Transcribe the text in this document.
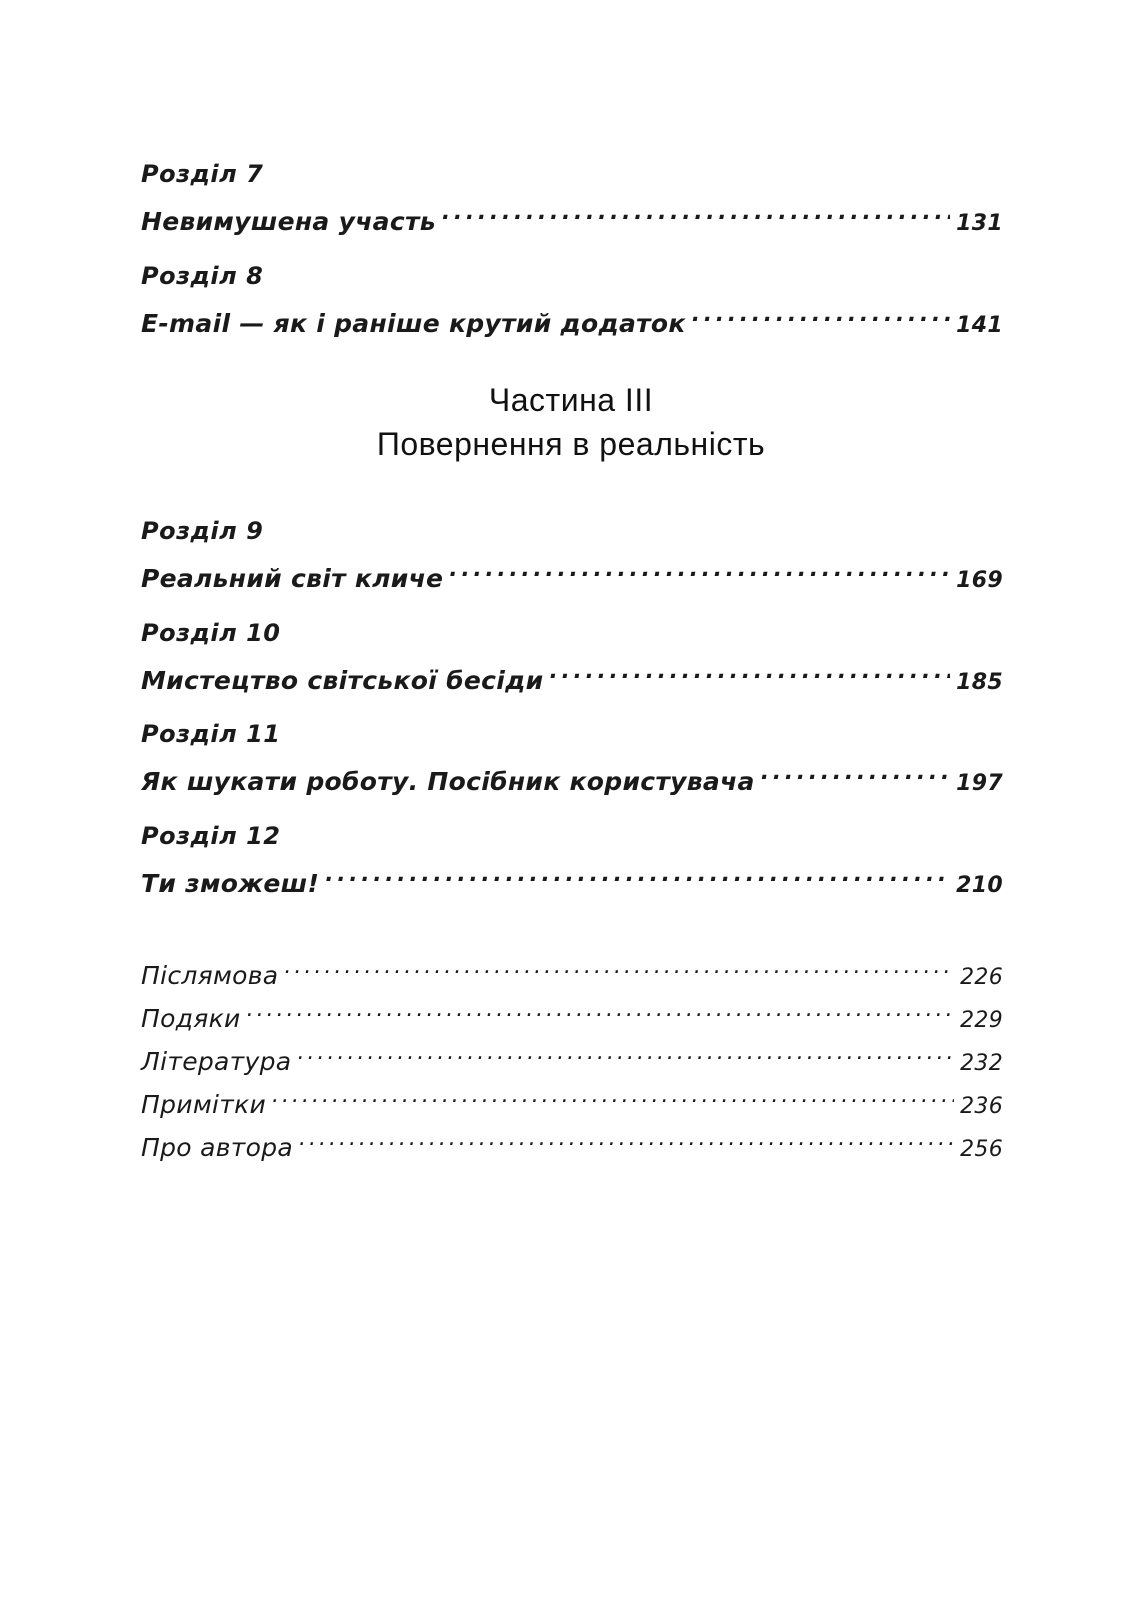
Розділ 7
Невимушена участь . . .	131
Розділ 8
E-mail — як і раніше крутий додаток . . .	141
Частина III
Повернення в реальність
Розділ 9
Реальний світ кличе . . .	169
Розділ 10
Мистецтво світської бесіди . . .	185
Розділ 11
Як шукати роботу. Посібник користувача . . .	197
Розділ 12
Ти зможеш! . . .	210
Післямова . . .	226
Подяки . . .	229
Література . . .	232
Примітки . . .	236
Про автора . . .	256
